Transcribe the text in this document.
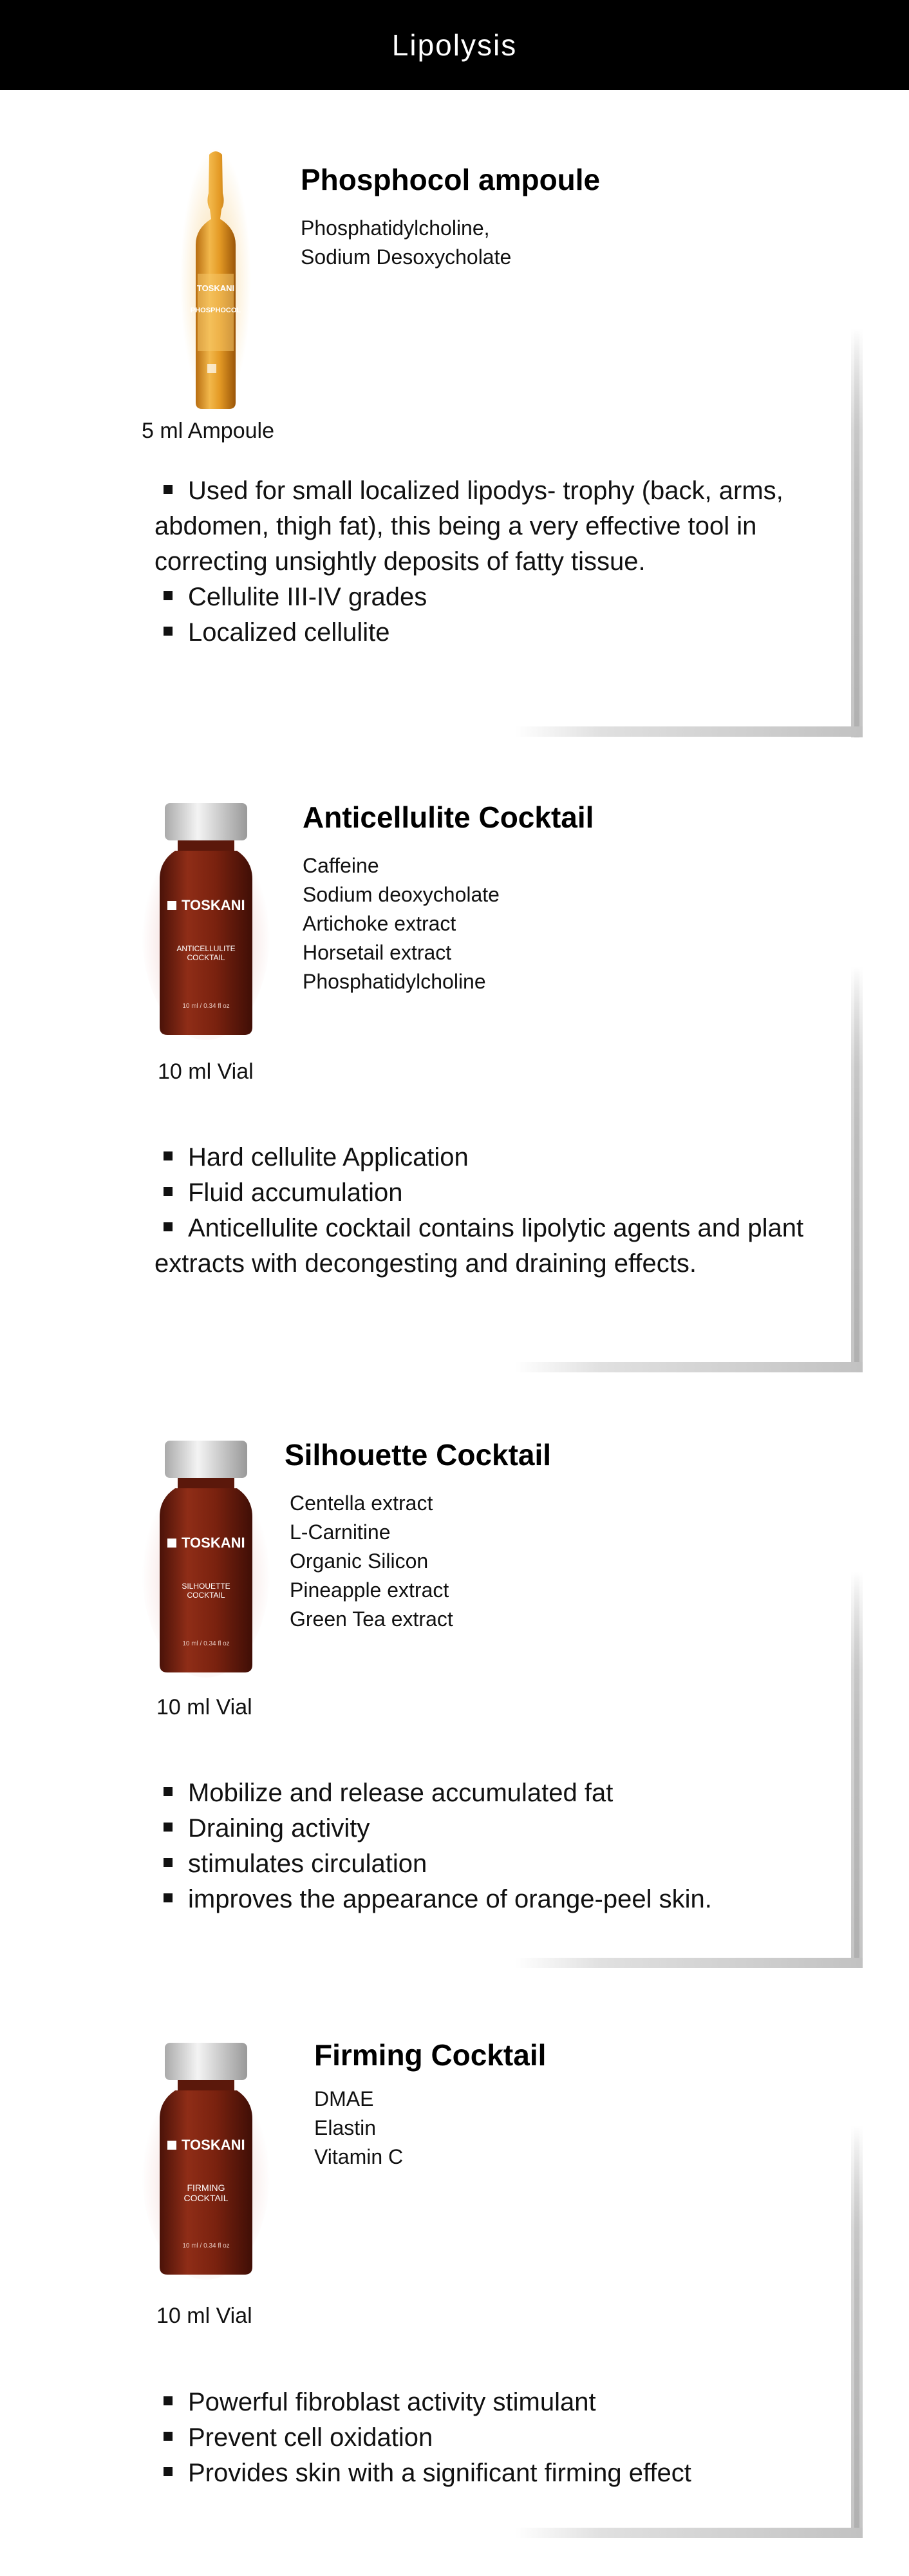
Lipolysis
TOSKANI
PHOSPHOCOL
5 ml Ampoule
Phosphocol ampoule
Phosphatidylcholine,
Sodium Desoxycholate
Used for small localized lipodys- trophy (back, arms, abdomen, thigh fat), this being a very effective tool in correcting unsightly deposits of fatty tissue.
Cellulite III-IV grades
Localized cellulite
TOSKANI
ANTICELLULITE
COCKTAIL
10 ml / 0.34 fl oz
10 ml Vial
Anticellulite Cocktail
Caffeine
Sodium deoxycholate
Artichoke extract
Horsetail extract
Phosphatidylcholine
Hard cellulite Application
Fluid accumulation
Anticellulite cocktail contains lipolytic agents and plant extracts with decongesting and draining effects.
TOSKANI
SILHOUETTE
COCKTAIL
10 ml / 0.34 fl oz
10 ml Vial
Silhouette Cocktail
Centella extract
L-Carnitine
Organic Silicon
Pineapple extract
Green Tea extract
Mobilize and release accumulated fat
Draining activity
stimulates circulation
improves the appearance of orange-peel skin.
TOSKANI
FIRMING
COCKTAIL
10 ml / 0.34 fl oz
10 ml Vial
Firming Cocktail
DMAE
Elastin
Vitamin C
Powerful fibroblast activity stimulant
Prevent cell oxidation
Provides skin with a significant firming effect
